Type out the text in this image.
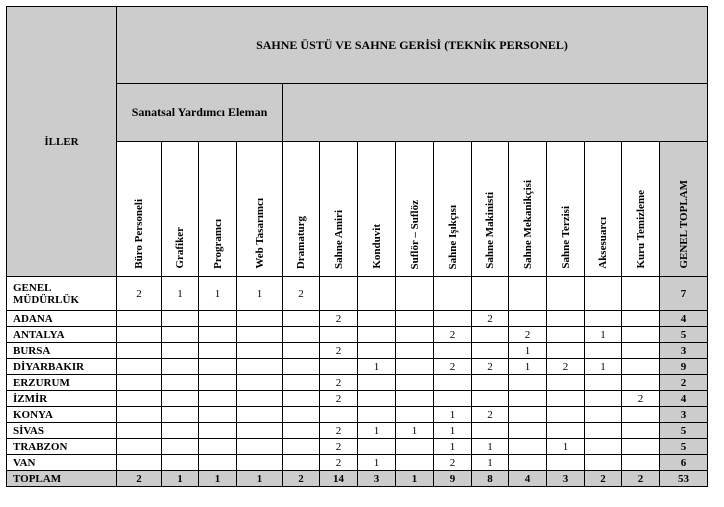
İLLER	SAHNE ÜSTÜ VE SAHNE GERİSİ (TEKNİK PERSONEL)														
	Sanatsal Yardımcı Eleman														
	Büro Personeli	Grafiker	Programcı	Web Tasarımcı	Dramaturg	Sahne Amiri	Konduvit	Suflör – Suflöz	Sahne Işıkçısı	Sahne Makinisti	Sahne Mekanikçisi	Sahne Terzisi	Aksesuarcı	Kuru Temizleme	GENEL TOPLAM
GENEL MÜDÜRLÜK	2	1	1	1	2										7
ADANA						2				2					4
ANTALYA									2		2		1		5
BURSA						2					1				3
DİYARBAKIR							1		2	2	1	2	1		9
ERZURUM						2									2
İZMİR						2								2	4
KONYA									1	2					3
SİVAS						2	1	1	1						5
TRABZON						2			1	1		1			5
VAN						2	1		2	1					6
TOPLAM	2	1	1	1	2	14	3	1	9	8	4	3	2	2	53
